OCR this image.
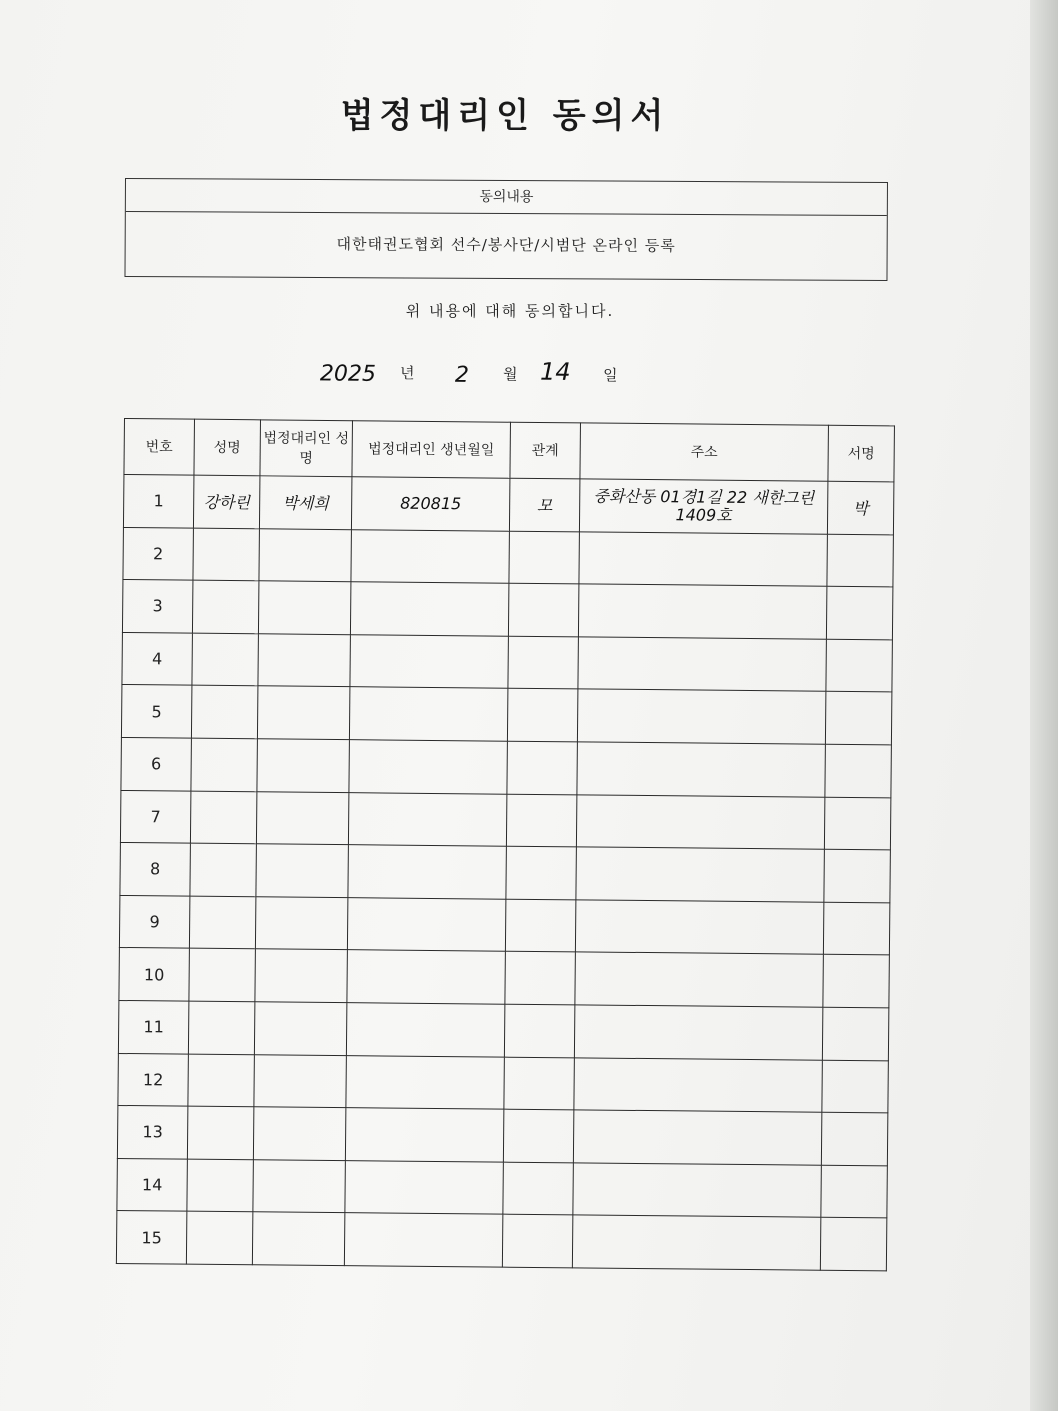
법정대리인 동의서
동의내용
대한태권도협회 선수/봉사단/시범단 온라인 등록
위 내용에 대해 동의합니다.
2025 년 2 월 14 일
번호	성명	법정대리인 성명	법정대리인 생년월일	관계	주소	서명
1	강하린	박세희	820815	모	중화산동 01경1길 22 새한그린 1409호	박
2						
3						
4						
5						
6						
7						
8						
9						
10						
11						
12						
13						
14						
15						
